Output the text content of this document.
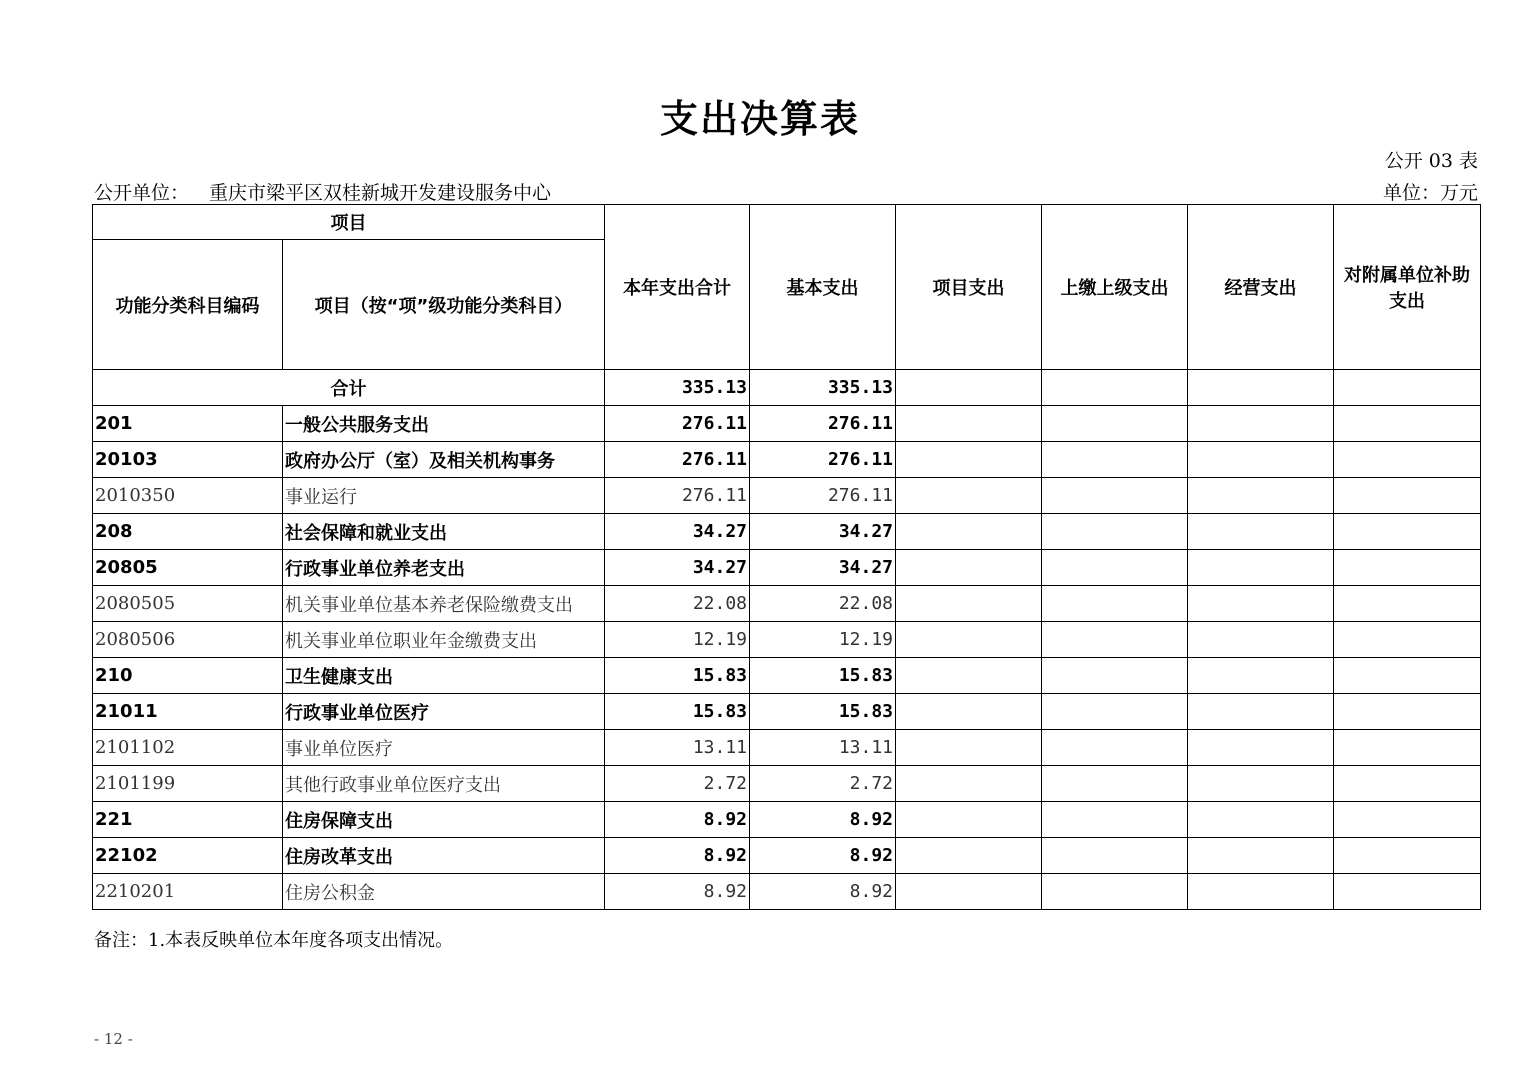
支出决算表
公开 03 表
公开单位： 重庆市梁平区双桂新城开发建设服务中心	单位：万元
项目		本年支出合计	基本支出	项目支出	上缴上级支出	经营支出	对附属单位补助支出
功能分类科目编码	项目（按“项”级功能分类科目）						
合计		335.13	335.13				
201	一般公共服务支出	276.11	276.11				
20103	政府办公厅（室）及相关机构事务	276.11	276.11				
2010350	事业运行	276.11	276.11				
208	社会保障和就业支出	34.27	34.27				
20805	行政事业单位养老支出	34.27	34.27				
2080505	机关事业单位基本养老保险缴费支出	22.08	22.08				
2080506	机关事业单位职业年金缴费支出	12.19	12.19				
210	卫生健康支出	15.83	15.83				
21011	行政事业单位医疗	15.83	15.83				
2101102	事业单位医疗	13.11	13.11				
2101199	其他行政事业单位医疗支出	2.72	2.72				
221	住房保障支出	8.92	8.92				
22102	住房改革支出	8.92	8.92				
2210201	住房公积金	8.92	8.92				
备注：1.本表反映单位本年度各项支出情况。
- 12 -
